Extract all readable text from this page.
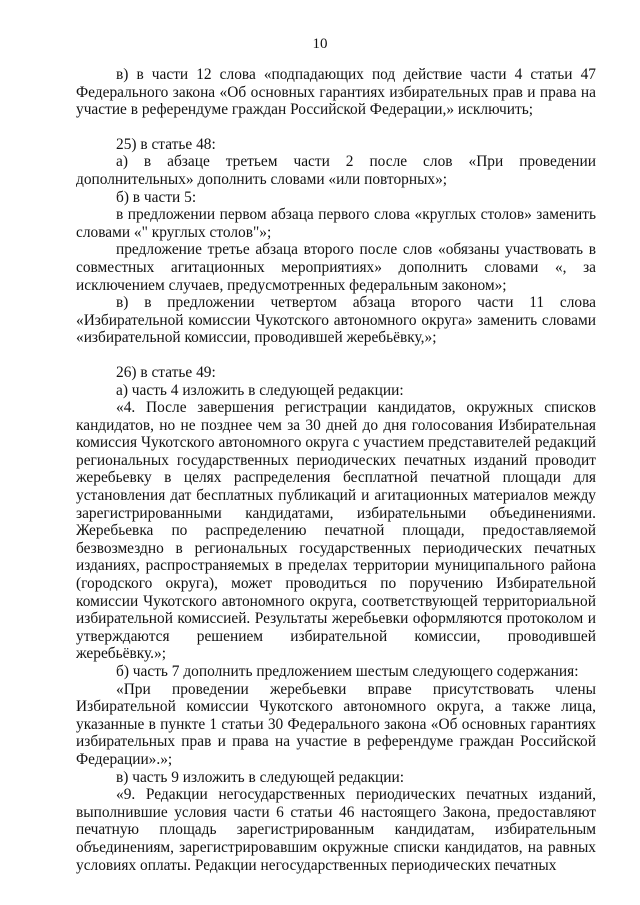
10

в) в части 12 слова «подпадающих под действие части 4 статьи 47 Федерального закона «Об основных гарантиях избирательных прав и права на участие в референдуме граждан Российской Федерации,» исключить;

25) в статье 48:

а) в абзаце третьем части 2 после слов «При проведении дополнительных» дополнить словами «или повторных»;

б) в части 5:

в предложении первом абзаца первого слова «круглых столов» заменить словами «" круглых столов"»;

предложение третье абзаца второго после слов «обязаны участвовать в совместных агитационных мероприятиях» дополнить словами «, за исключением случаев, предусмотренных федеральным законом»;

в) в предложении четвертом абзаца второго части 11 слова «Избирательной комиссии Чукотского автономного округа» заменить словами «избирательной комиссии, проводившей жеребьёвку,»;

26) в статье 49:

а) часть 4 изложить в следующей редакции:

«4. После завершения регистрации кандидатов, окружных списков кандидатов, но не позднее чем за 30 дней до дня голосования Избирательная комиссия Чукотского автономного округа с участием представителей редакций региональных государственных периодических печатных изданий проводит жеребьевку в целях распределения бесплатной печатной площади для установления дат бесплатных публикаций и агитационных материалов между зарегистрированными кандидатами, избирательными объединениями. Жеребьевка по распределению печатной площади, предоставляемой безвозмездно в региональных государственных периодических печатных изданиях, распространяемых в пределах территории муниципального района (городского округа), может проводиться по поручению Избирательной комиссии Чукотского автономного округа, соответствующей территориальной избирательной комиссией. Результаты жеребьевки оформляются протоколом и утверждаются решением избирательной комиссии, проводившей жеребьёвку.»;

б) часть 7 дополнить предложением шестым следующего содержания:

«При проведении жеребьевки вправе присутствовать члены Избирательной комиссии Чукотского автономного округа, а также лица, указанные в пункте 1 статьи 30 Федерального закона «Об основных гарантиях избирательных прав и права на участие в референдуме граждан Российской Федерации».»;

в) часть 9 изложить в следующей редакции:

«9. Редакции негосударственных периодических печатных изданий, выполнившие условия части 6 статьи 46 настоящего Закона, предоставляют печатную площадь зарегистрированным кандидатам, избирательным объединениям, зарегистрировавшим окружные списки кандидатов, на равных условиях оплаты. Редакции негосударственных периодических печатных
